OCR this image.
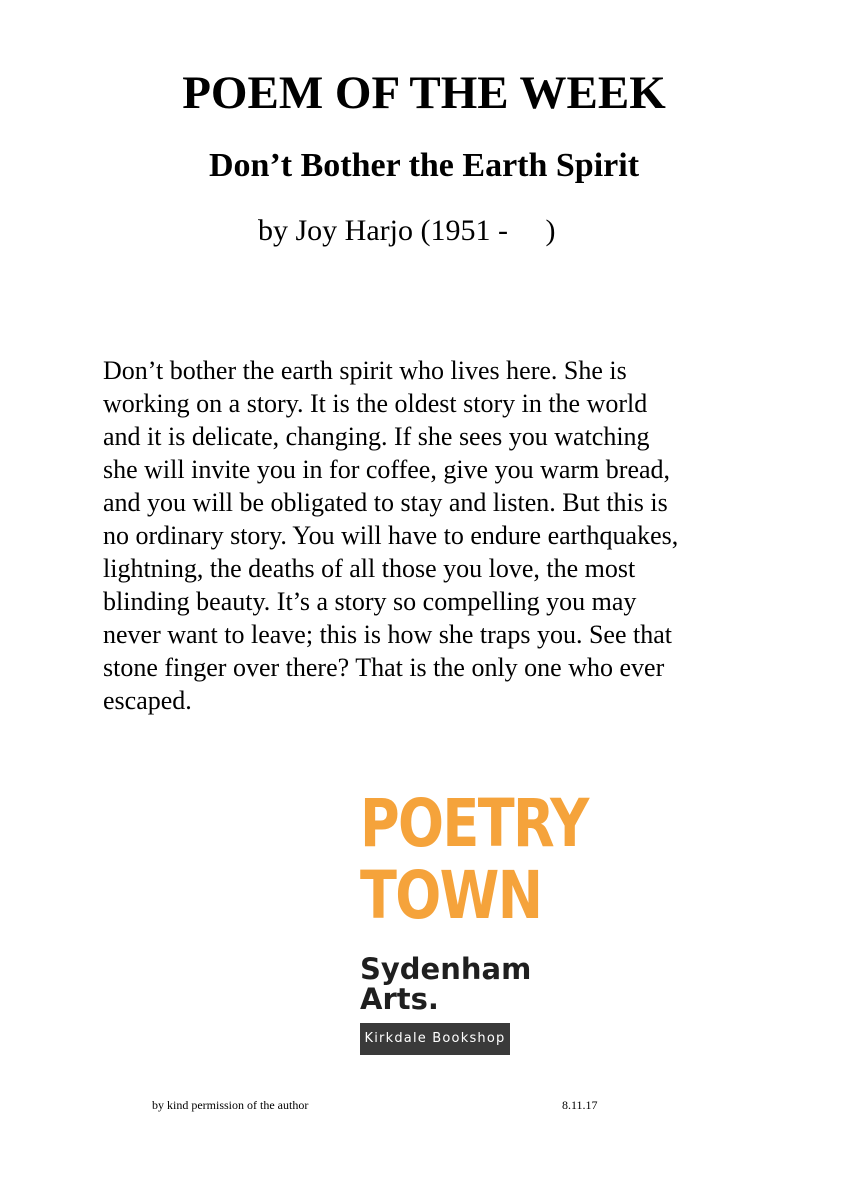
POEM OF THE WEEK
Don’t Bother the Earth Spirit
by Joy Harjo (1951 -     )
Don’t bother the earth spirit who lives here. She is
working on a story. It is the oldest story in the world
and it is delicate, changing. If she sees you watching
she will invite you in for coffee, give you warm bread,
and you will be obligated to stay and listen. But this is
no ordinary story. You will have to endure earthquakes,
lightning, the deaths of all those you love, the most
blinding beauty. It’s a story so compelling you may
never want to leave; this is how she traps you. See that
stone finger over there? That is the only one who ever
escaped.
POETRY
TOWN
Sydenham
Arts.
Kirkdale Bookshop
by kind permission of the author	8.11.17
